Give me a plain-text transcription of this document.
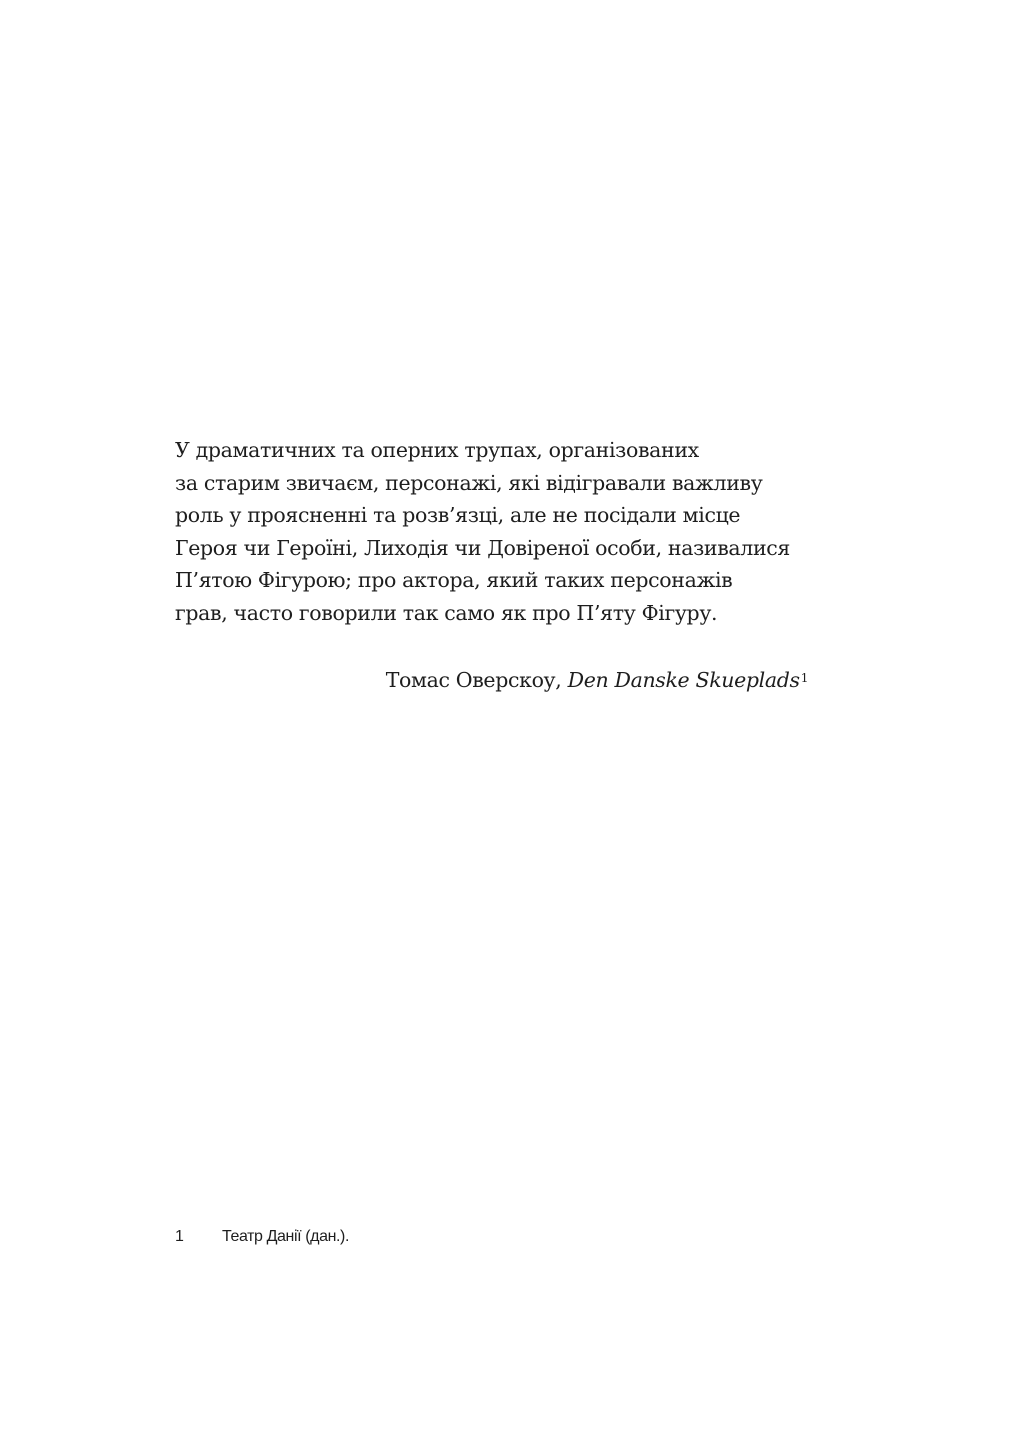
У драматичних та оперних трупах, організованих
за старим звичаєм, персонажі, які відігравали важливу
роль у проясненні та розв’язці, але не посідали місце
Героя чи Героїні, Лиходія чи Довіреної особи, називалися
П’ятою Фігурою; про актора, який таких персонажів
грав, часто говорили так само як про П’яту Фігуру.
Томас Оверскоу, Den Danske Skueplads$^1$
1	Театр Данії (дан.).
